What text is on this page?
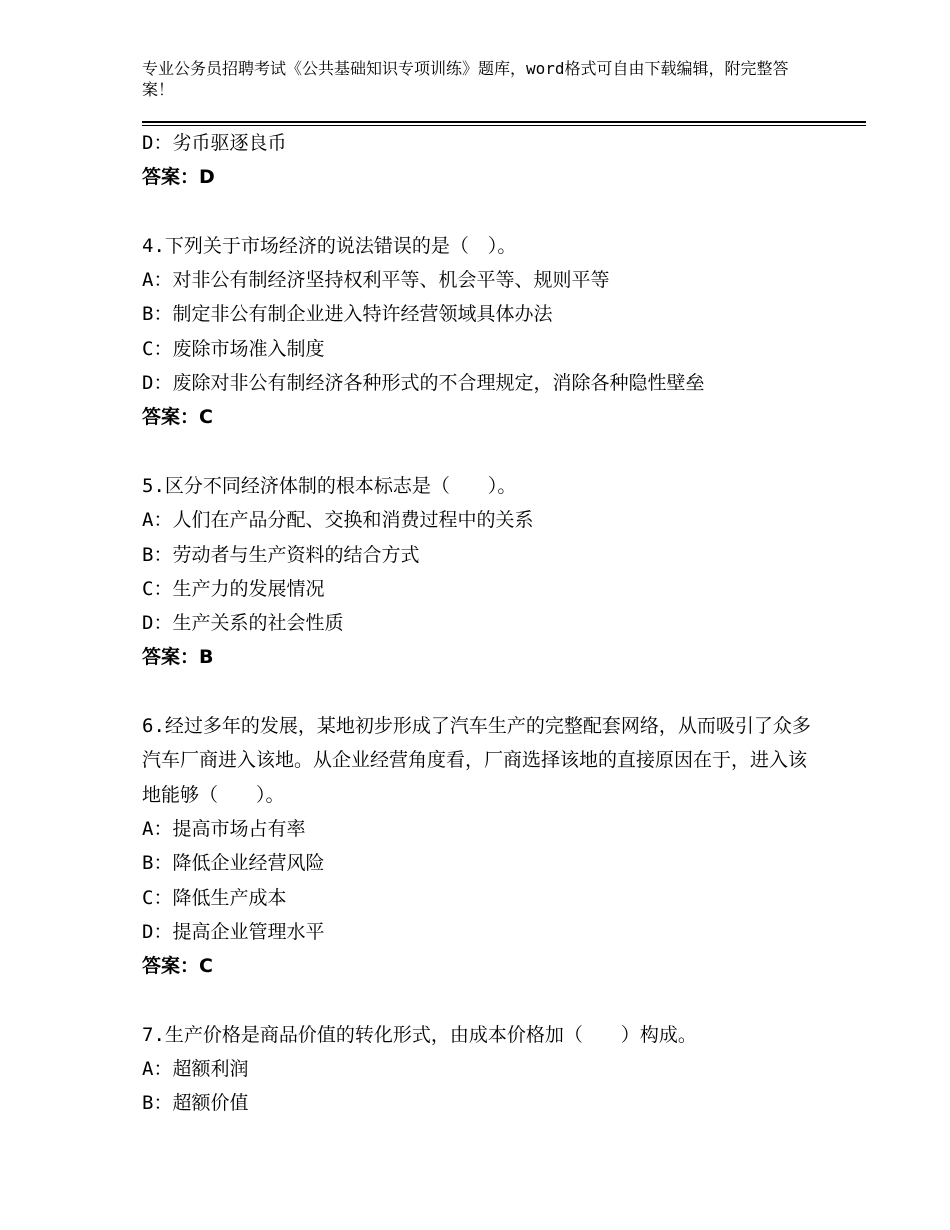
专业公务员招聘考试《公共基础知识专项训练》题库，word格式可自由下载编辑，附完整答案！

D：劣币驱逐良币

答案：D

4.下列关于市场经济的说法错误的是（　）。

A：对非公有制经济坚持权利平等、机会平等、规则平等

B：制定非公有制企业进入特许经营领域具体办法

C：废除市场准入制度

D：废除对非公有制经济各种形式的不合理规定，消除各种隐性壁垒

答案：C

5.区分不同经济体制的根本标志是（　　）。

A：人们在产品分配、交换和消费过程中的关系

B：劳动者与生产资料的结合方式

C：生产力的发展情况

D：生产关系的社会性质

答案：B

6.经过多年的发展，某地初步形成了汽车生产的完整配套网络，从而吸引了众多汽车厂商进入该地。从企业经营角度看，厂商选择该地的直接原因在于，进入该地能够（　　）。

A：提高市场占有率

B：降低企业经营风险

C：降低生产成本

D：提高企业管理水平

答案：C

7.生产价格是商品价值的转化形式，由成本价格加（　　）构成。

A：超额利润

B：超额价值
